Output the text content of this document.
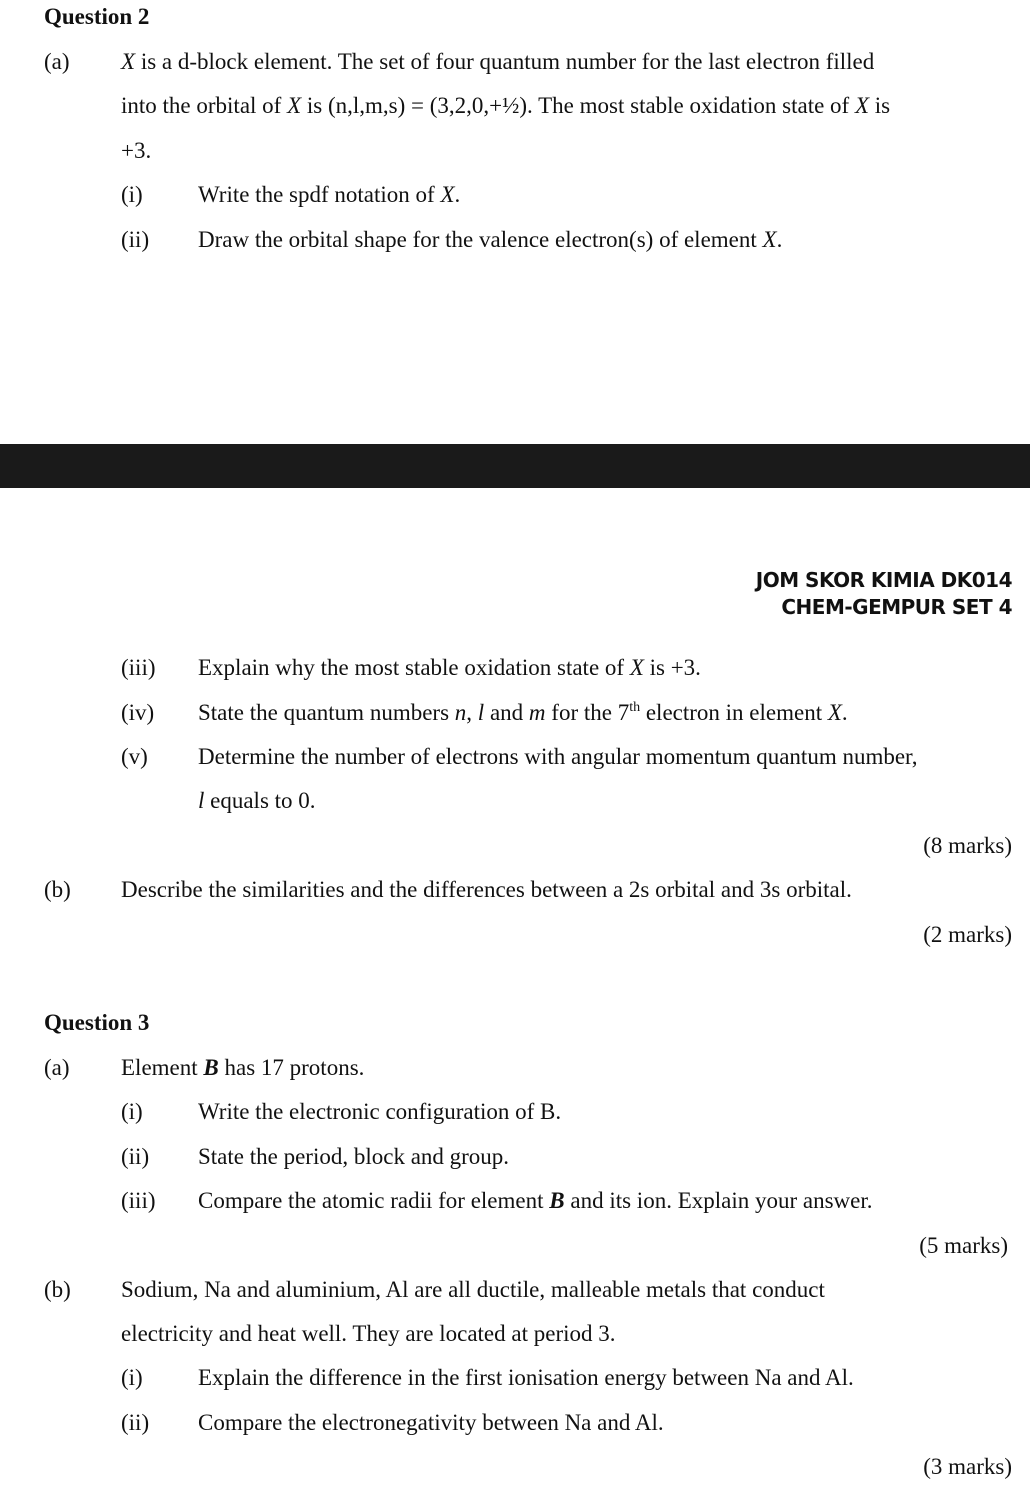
Question 2
(a) X is a d-block element. The set of four quantum number for the last electron filled
into the orbital of X is (n,l,m,s) = (3,2,0,+½). The most stable oxidation state of X is
+3.
(i) Write the spdf notation of X.
(ii) Draw the orbital shape for the valence electron(s) of element X.
JOM SKOR KIMIA DK014
CHEM-GEMPUR SET 4
(iii) Explain why the most stable oxidation state of X is +3.
(iv) State the quantum numbers n, l and m for the 7th electron in element X.
(v) Determine the number of electrons with angular momentum quantum number,
l equals to 0.
(8 marks)
(b) Describe the similarities and the differences between a 2s orbital and 3s orbital.
(2 marks)
Question 3
(a) Element B has 17 protons.
(i) Write the electronic configuration of B.
(ii) State the period, block and group.
(iii) Compare the atomic radii for element B and its ion. Explain your answer.
(5 marks)
(b) Sodium, Na and aluminium, Al are all ductile, malleable metals that conduct
electricity and heat well. They are located at period 3.
(i) Explain the difference in the first ionisation energy between Na and Al.
(ii) Compare the electronegativity between Na and Al.
(3 marks)
